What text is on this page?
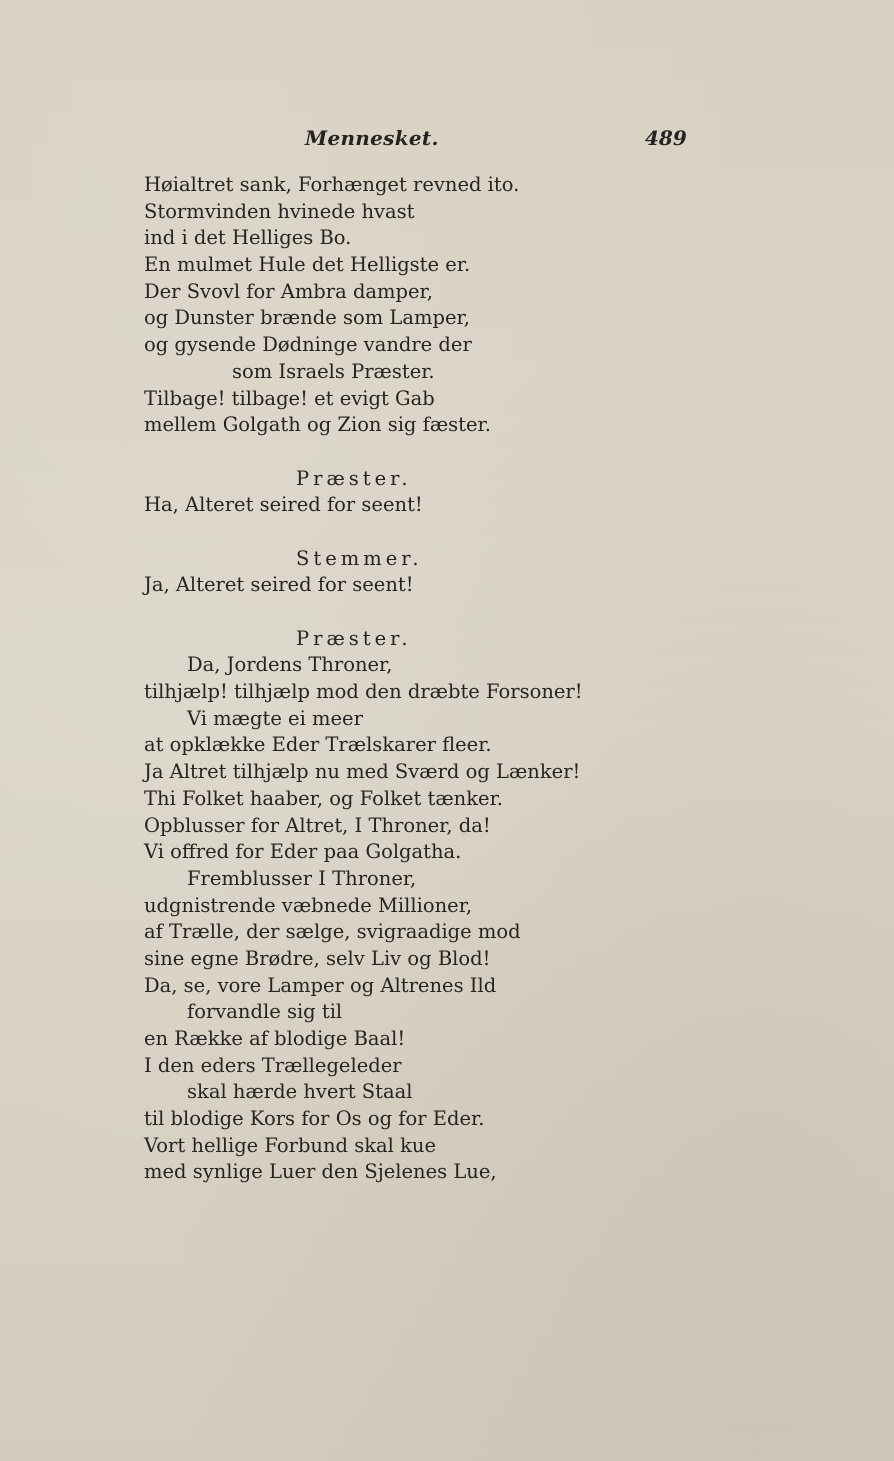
Mennesket.	489
Høialtret sank, Forhænget revned ito.
Stormvinden hvinede hvast
ind i det Helliges Bo.
En mulmet Hule det Helligste er.
Der Svovl for Ambra damper,
og Dunster brænde som Lamper,
og gysende Dødninge vandre der
som Israels Præster.
Tilbage! tilbage! et evigt Gab
mellem Golgath og Zion sig fæster.
Præster.
Ha, Alteret seired for seent!
Stemmer.
Ja, Alteret seired for seent!
Præster.
Da, Jordens Throner,
tilhjælp! tilhjælp mod den dræbte Forsoner!
Vi mægte ei meer
at opklække Eder Trælskarer fleer.
Ja Altret tilhjælp nu med Sværd og Lænker!
Thi Folket haaber, og Folket tænker.
Opblusser for Altret, I Throner, da!
Vi offred for Eder paa Golgatha.
Fremblusser I Throner,
udgnistrende væbnede Millioner,
af Trælle, der sælge, svigraadige mod
sine egne Brødre, selv Liv og Blod!
Da, se, vore Lamper og Altrenes Ild
forvandle sig til
en Række af blodige Baal!
I den eders Trællegeleder
skal hærde hvert Staal
til blodige Kors for Os og for Eder.
Vort hellige Forbund skal kue
med synlige Luer den Sjelenes Lue,
